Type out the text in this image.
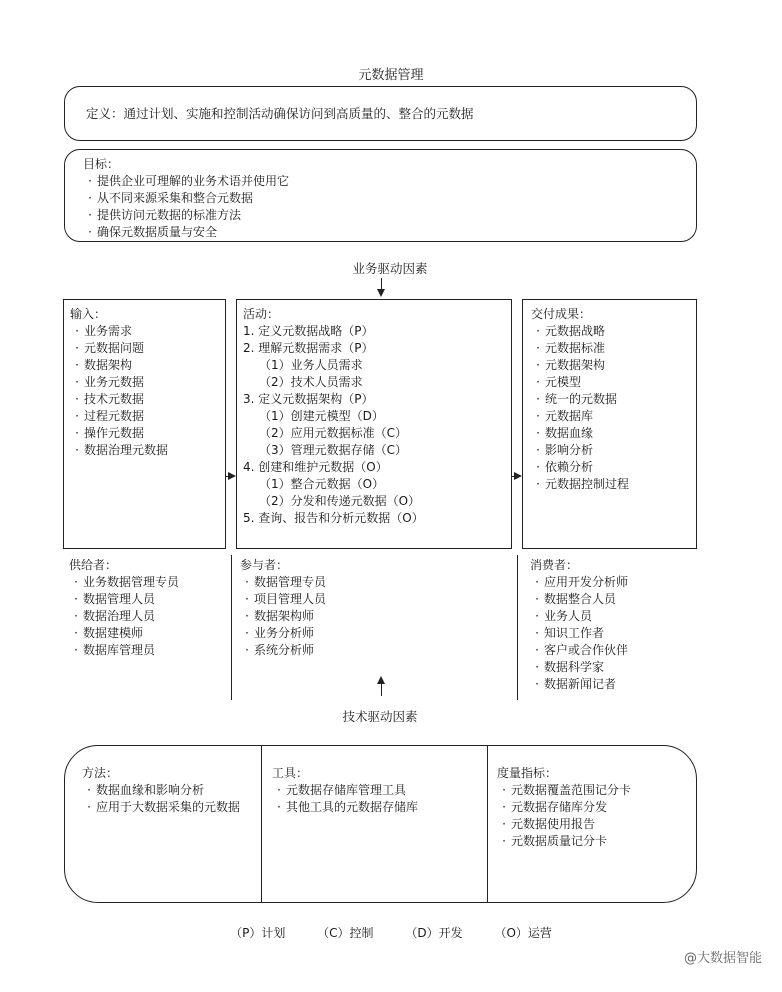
元数据管理
定义：通过计划、实施和控制活动确保访问到高质量的、整合的元数据
目标：
· 提供企业可理解的业务术语并使用它
· 从不同来源采集和整合元数据
· 提供访问元数据的标准方法
· 确保元数据质量与安全
业务驱动因素
输入：
· 业务需求
· 元数据问题
· 数据架构
· 业务元数据
· 技术元数据
· 过程元数据
· 操作元数据
· 数据治理元数据
活动：
1. 定义元数据战略（P）
2. 理解元数据需求（P）
（1）业务人员需求
（2）技术人员需求
3. 定义元数据架构（P）
（1）创建元模型（D）
（2）应用元数据标准（C）
（3）管理元数据存储（C）
4. 创建和维护元数据（O）
（1）整合元数据（O）
（2）分发和传递元数据（O）
5. 查询、报告和分析元数据（O）
交付成果：
· 元数据战略
· 元数据标准
· 元数据架构
· 元模型
· 统一的元数据
· 元数据库
· 数据血缘
· 影响分析
· 依赖分析
· 元数据控制过程
供给者：
· 业务数据管理专员
· 数据管理人员
· 数据治理人员
· 数据建模师
· 数据库管理员
参与者：
· 数据管理专员
· 项目管理人员
· 数据架构师
· 业务分析师
· 系统分析师
消费者：
· 应用开发分析师
· 数据整合人员
· 业务人员
· 知识工作者
· 客户或合作伙伴
· 数据科学家
· 数据新闻记者
技术驱动因素
方法：
· 数据血缘和影响分析
· 应用于大数据采集的元数据
工具：
· 元数据存储库管理工具
· 其他工具的元数据存储库
度量指标：
· 元数据覆盖范围记分卡
· 元数据存储库分发
· 元数据使用报告
· 元数据质量记分卡
（P）计划	（C）控制	（D）开发	（O）运营
@大数据智能
